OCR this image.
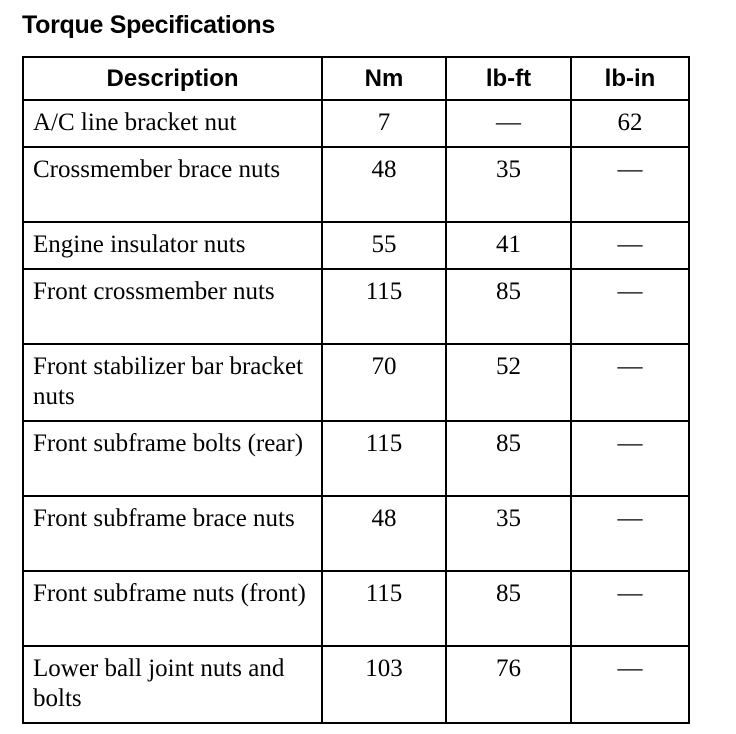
Torque Specifications
Description	Nm	lb-ft	lb-in
A/C line bracket nut	7	—	62
Crossmember brace nuts	48	35	—
Engine insulator nuts	55	41	—
Front crossmember nuts	115	85	—
Front stabilizer bar bracket nuts	70	52	—
Front subframe bolts (rear)	115	85	—
Front subframe brace nuts	48	35	—
Front subframe nuts (front)	115	85	—
Lower ball joint nuts and bolts	103	76	—
